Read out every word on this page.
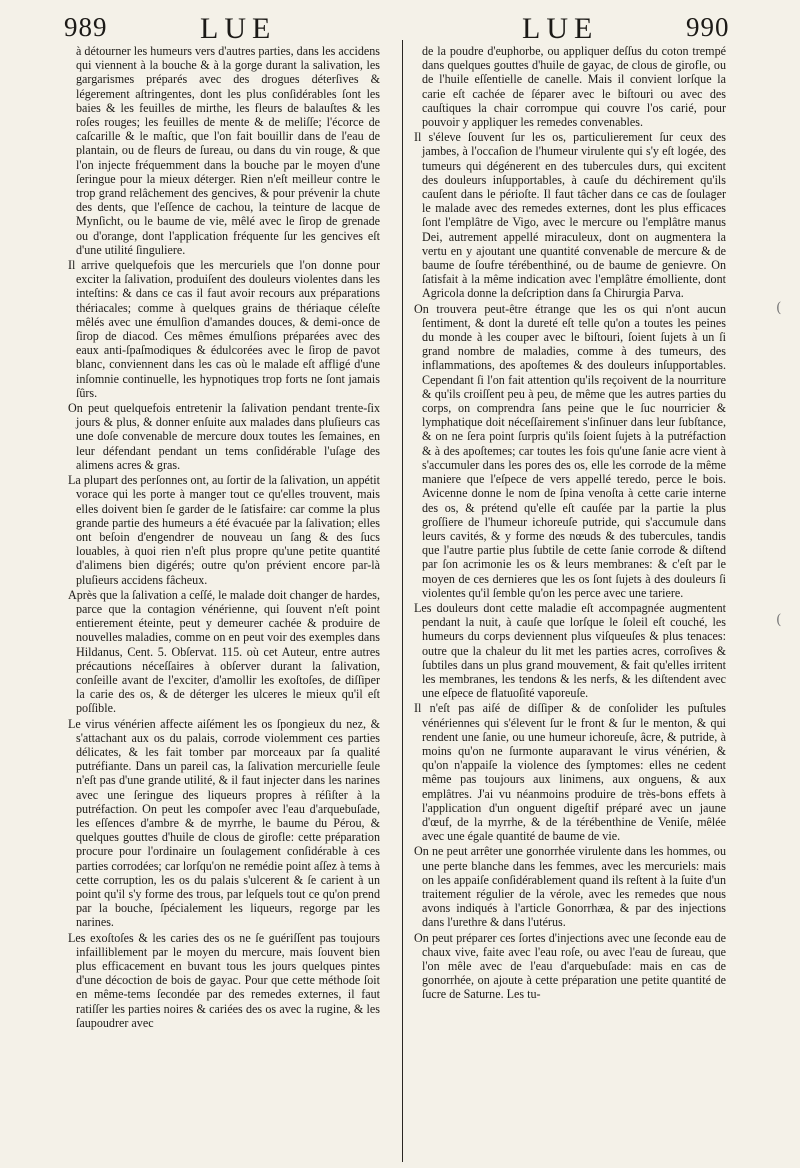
989	LUE	LUE	990

à détourner les humeurs vers d'autres parties, dans les accidens qui viennent à la bouche & à la gorge durant la salivation, les gargarismes préparés avec des drogues déterſives & légerement aſtringentes, dont les plus conſidérables ſont les baies & les feuilles de mirthe, les fleurs de balauſtes & les roſes rouges; les feuilles de mente & de meliſſe; l'écorce de caſcarille & le maſtic, que l'on fait bouillir dans de l'eau de plantain, ou de fleurs de ſureau, ou dans du vin rouge, & que l'on injecte fréquemment dans la bouche par le moyen d'une ſeringue pour la mieux déterger. Rien n'eſt meilleur contre le trop grand relâchement des gencives, & pour prévenir la chute des dents, que l'eſſence de cachou, la teinture de lacque de Mynſicht, ou le baume de vie, mêlé avec le ſirop de grenade ou d'orange, dont l'application fréquente ſur les gencives eſt d'une utilité ſinguliere.

Il arrive quelquefois que les mercuriels que l'on donne pour exciter la ſalivation, produiſent des douleurs violentes dans les inteſtins: & dans ce cas il faut avoir recours aux préparations thériacales; comme à quelques grains de thériaque céleſte mêlés avec une émulſion d'amandes douces, & demi-once de ſirop de diacod. Ces mêmes émulſions préparées avec des eaux anti-ſpaſmodiques & édulcorées avec le ſirop de pavot blanc, conviennent dans les cas où le malade eſt affligé d'une inſomnie continuelle, les hypnotiques trop forts ne ſont jamais ſûrs.

On peut quelquefois entretenir la ſalivation pendant trente-ſix jours & plus, & donner enſuite aux malades dans pluſieurs cas une doſe convenable de mercure doux toutes les ſemaines, en leur défendant pendant un tems conſidérable l'uſage des alimens acres & gras.

La plupart des perſonnes ont, au ſortir de la ſalivation, un appétit vorace qui les porte à manger tout ce qu'elles trouvent, mais elles doivent bien ſe garder de le ſatisfaire: car comme la plus grande partie des humeurs a été évacuée par la ſalivation; elles ont beſoin d'engendrer de nouveau un ſang & des ſucs louables, à quoi rien n'eſt plus propre qu'une petite quantité d'alimens bien digérés; outre qu'on prévient encore par-là pluſieurs accidens fâcheux.

Après que la ſalivation a ceſſé, le malade doit changer de hardes, parce que la contagion vénérienne, qui ſouvent n'eſt point entierement éteinte, peut y demeurer cachée & produire de nouvelles maladies, comme on en peut voir des exemples dans Hildanus, Cent. 5. Obſervat. 115. où cet Auteur, entre autres précautions néceſſaires à obſerver durant la ſalivation, conſeille avant de l'exciter, d'amollir les exoſtoſes, de diſſiper la carie des os, & de déterger les ulceres le mieux qu'il eſt poſſible.

Le virus vénérien affecte aiſément les os ſpongieux du nez, & s'attachant aux os du palais, corrode violemment ces parties délicates, & les fait tomber par morceaux par ſa qualité putréfiante. Dans un pareil cas, la ſalivation mercurielle ſeule n'eſt pas d'une grande utilité, & il faut injecter dans les narines avec une ſeringue des liqueurs propres à réſiſter à la putréfaction. On peut les compoſer avec l'eau d'arquebuſade, les eſſences d'ambre & de myrrhe, le baume du Pérou, & quelques gouttes d'huile de clous de girofle: cette préparation procure pour l'ordinaire un ſoulagement conſidérable à ces parties corrodées; car lorſqu'on ne remédie point aſſez à tems à cette corruption, les os du palais s'ulcerent & ſe carient à un point qu'il s'y forme des trous, par leſquels tout ce qu'on prend par la bouche, ſpécialement les liqueurs, regorge par les narines.

Les exoſtoſes & les caries des os ne ſe guériſſent pas toujours infailliblement par le moyen du mercure, mais ſouvent bien plus efficacement en buvant tous les jours quelques pintes d'une décoction de bois de gayac. Pour que cette méthode ſoit en même-tems ſecondée par des remedes externes, il faut ratiſſer les parties noires & cariées des os avec la rugine, & les ſaupoudrer avec

de la poudre d'euphorbe, ou appliquer deſſus du coton trempé dans quelques gouttes d'huile de gayac, de clous de girofle, ou de l'huile eſſentielle de canelle. Mais il convient lorſque la carie eſt cachée de ſéparer avec le biſtouri ou avec des cauſtiques la chair corrompue qui couvre l'os carié, pour pouvoir y appliquer les remedes convenables.

Il s'éleve ſouvent ſur les os, particulierement ſur ceux des jambes, à l'occaſion de l'humeur virulente qui s'y eſt logée, des tumeurs qui dégénerent en des tubercules durs, qui excitent des douleurs inſupportables, à cauſe du déchirement qu'ils cauſent dans le périoſte. Il faut tâcher dans ce cas de ſoulager le malade avec des remedes externes, dont les plus efficaces ſont l'emplâtre de Vigo, avec le mercure ou l'emplâtre manus Dei, autrement appellé miraculeux, dont on augmentera la vertu en y ajoutant une quantité convenable de mercure & de baume de ſoufre térébenthiné, ou de baume de genievre. On ſatisfait à la même indication avec l'emplâtre émolliente, dont Agricola donne la deſcription dans ſa Chirurgia Parva.

On trouvera peut-être étrange que les os qui n'ont aucun ſentiment, & dont la dureté eſt telle qu'on a toutes les peines du monde à les couper avec le biſtouri, ſoient ſujets à un ſi grand nombre de maladies, comme à des tumeurs, des inflammations, des apoſtemes & des douleurs inſupportables. Cependant ſi l'on fait attention qu'ils reçoivent de la nourriture & qu'ils croiſſent peu à peu, de même que les autres parties du corps, on comprendra ſans peine que le ſuc nourricier & lymphatique doit néceſſairement s'inſinuer dans leur ſubſtance, & on ne ſera point ſurpris qu'ils ſoient ſujets à la putréfaction & à des apoſtemes; car toutes les fois qu'une ſanie acre vient à s'accumuler dans les pores des os, elle les corrode de la même maniere que l'eſpece de vers appellé teredo, perce le bois. Avicenne donne le nom de ſpina venoſta à cette carie interne des os, & prétend qu'elle eſt cauſée par la partie la plus groſſiere de l'humeur ichoreuſe putride, qui s'accumule dans leurs cavités, & y forme des nœuds & des tubercules, tandis que l'autre partie plus ſubtile de cette ſanie corrode & diſtend par ſon acrimonie les os & leurs membranes: & c'eſt par le moyen de ces dernieres que les os ſont ſujets à des douleurs ſi violentes qu'il ſemble qu'on les perce avec une tariere.

Les douleurs dont cette maladie eſt accompagnée augmentent pendant la nuit, à cauſe que lorſque le ſoleil eſt couché, les humeurs du corps deviennent plus viſqueuſes & plus tenaces: outre que la chaleur du lit met les parties acres, corroſives & ſubtiles dans un plus grand mouvement, & fait qu'elles irritent les membranes, les tendons & les nerfs, & les diſtendent avec une eſpece de flatuoſité vaporeuſe.

Il n'eſt pas aiſé de diſſiper & de conſolider les puſtules vénériennes qui s'élevent ſur le front & ſur le menton, & qui rendent une ſanie, ou une humeur ichoreuſe, âcre, & putride, à moins qu'on ne ſurmonte auparavant le virus vénérien, & qu'on n'appaiſe la violence des ſymptomes: elles ne cedent même pas toujours aux linimens, aux onguens, & aux emplâtres. J'ai vu néanmoins produire de très-bons effets à l'application d'un onguent digeſtif préparé avec un jaune d'œuf, de la myrrhe, & de la térébenthine de Veniſe, mêlée avec une égale quantité de baume de vie.

On ne peut arrêter une gonorrhée virulente dans les hommes, ou une perte blanche dans les femmes, avec les mercuriels: mais on les appaiſe conſidérablement quand ils reſtent à la ſuite d'un traitement régulier de la vérole, avec les remedes que nous avons indiqués à l'article Gonorrhæa, & par des injections dans l'urethre & dans l'utérus.

On peut préparer ces ſortes d'injections avec une ſeconde eau de chaux vive, faite avec l'eau roſe, ou avec l'eau de ſureau, que l'on mêle avec de l'eau d'arquebuſade: mais en cas de gonorrhée, on ajoute à cette préparation une petite quantité de ſucre de Saturne. Les tu-

(
(
